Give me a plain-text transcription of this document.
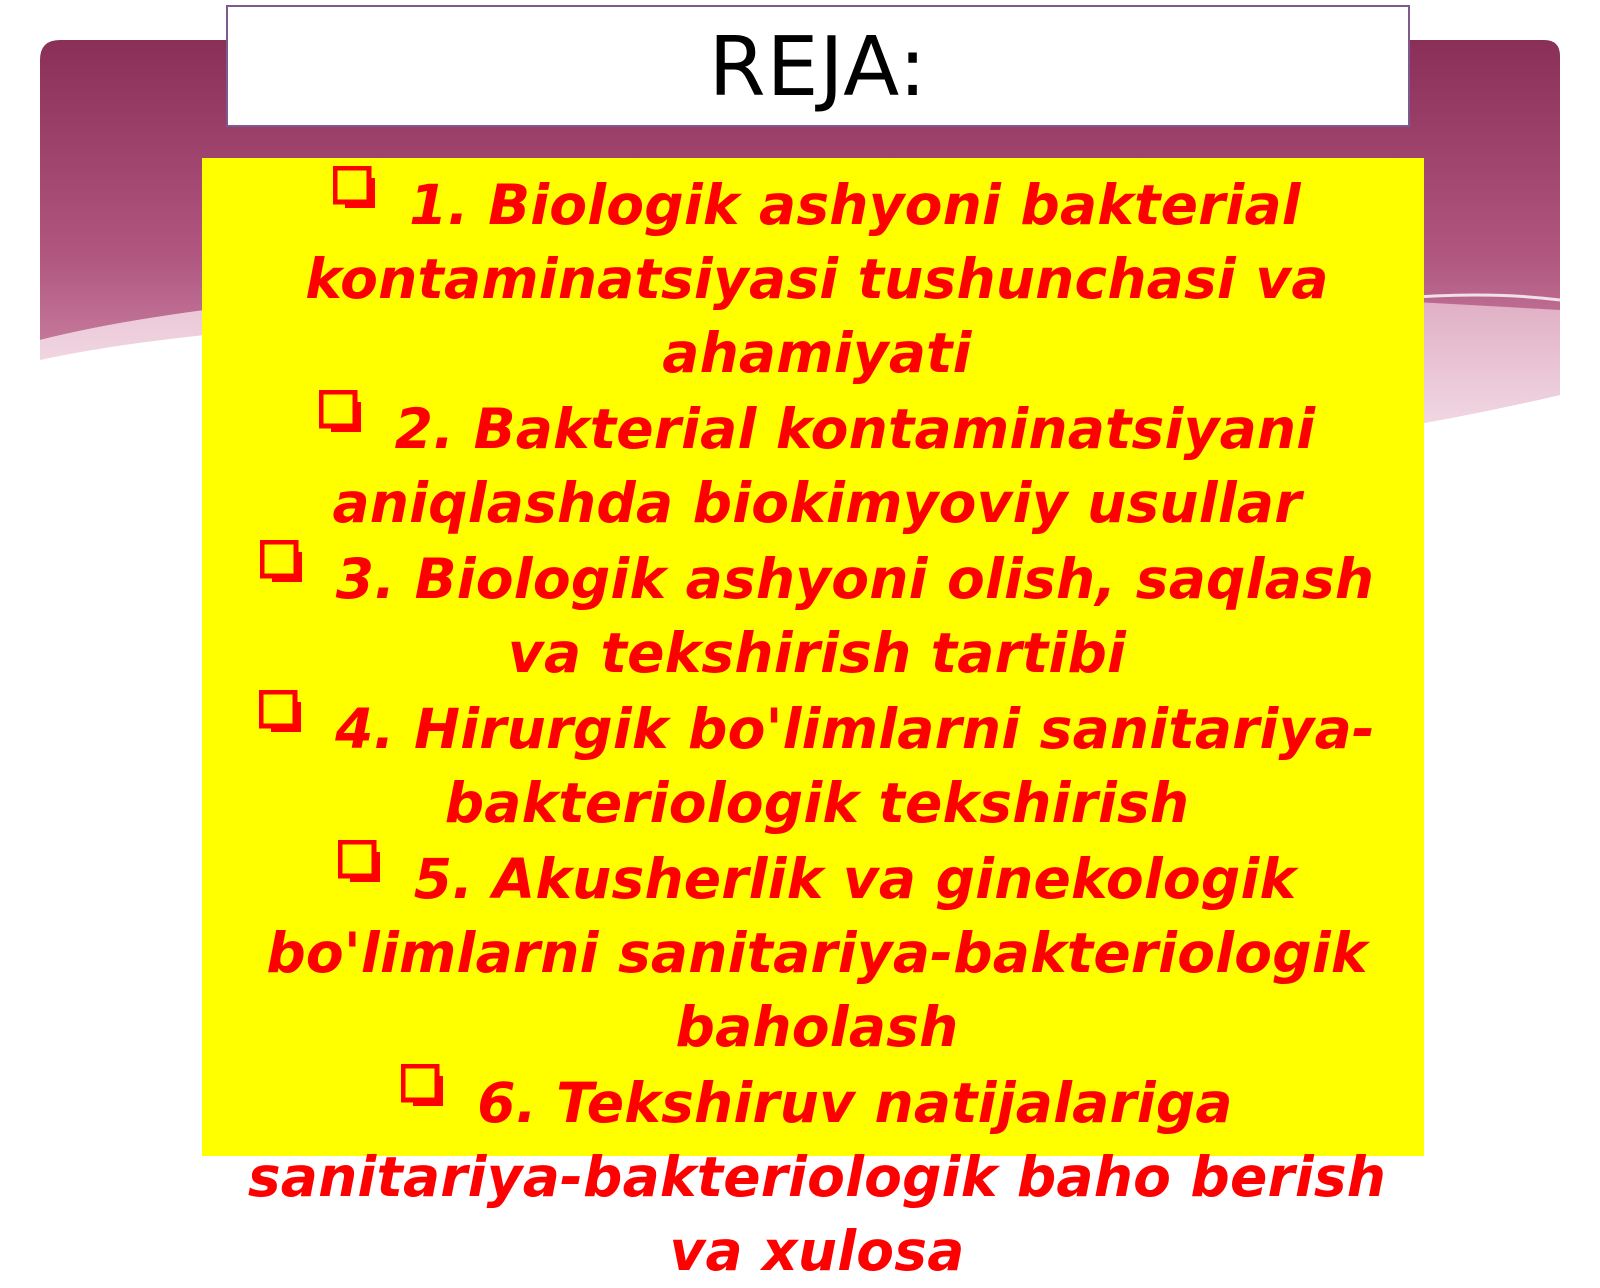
REJA:
1. Biologik ashyoni bakterial kontaminatsiyasi tushunchasi va ahamiyati
2. Bakterial kontaminatsiyani aniqlashda biokimyoviy usullar
3. Biologik ashyoni olish, saqlash va tekshirish tartibi
4. Hirurgik bo'limlarni sanitariya-bakteriologik tekshirish
5. Akusherlik va ginekologik bo'limlarni sanitariya-bakteriologik baholash
6. Tekshiruv natijalariga sanitariya-bakteriologik baho berish va xulosa
